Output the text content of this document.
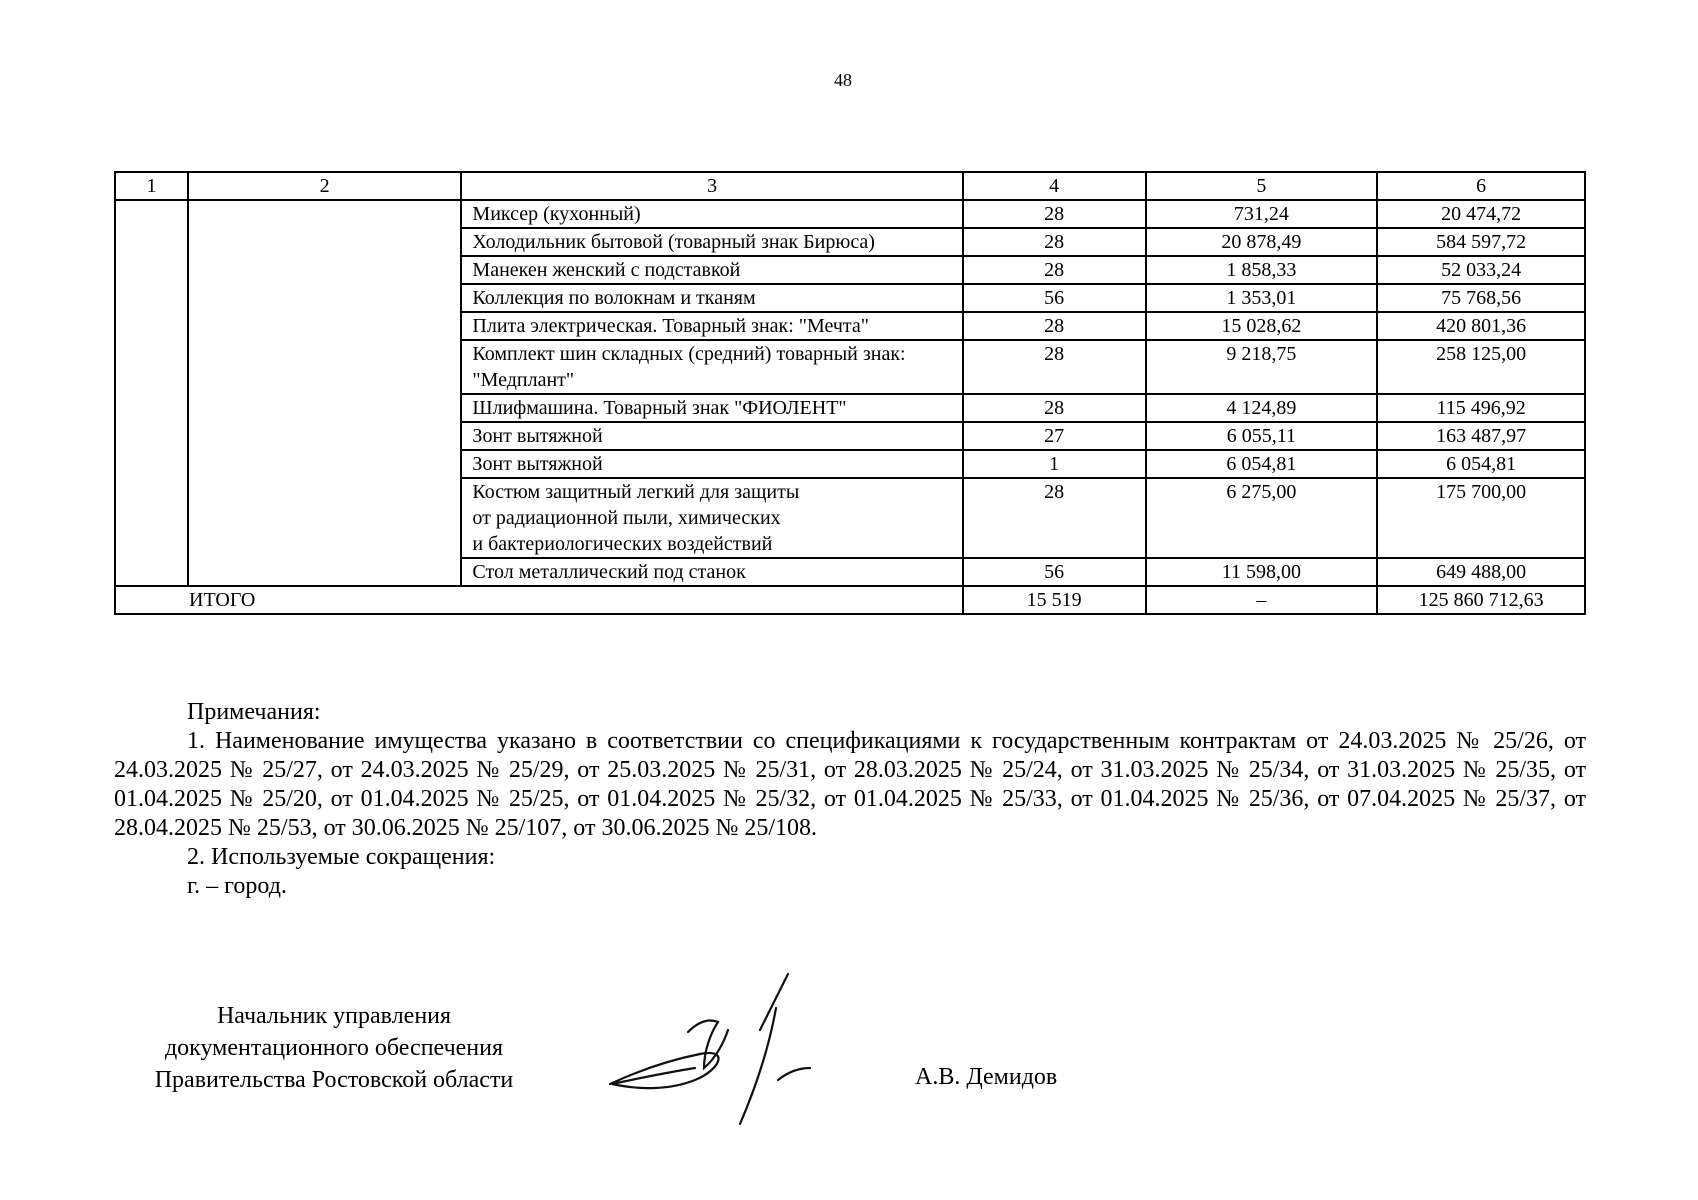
48
1	2	3	4	5	6
		Миксер (кухонный)	28	731,24	20 474,72
		Холодильник бытовой (товарный знак Бирюса)	28	20 878,49	584 597,72
		Манекен женский с подставкой	28	1 858,33	52 033,24
		Коллекция по волокнам и тканям	56	1 353,01	75 768,56
		Плита электрическая. Товарный знак: "Мечта"	28	15 028,62	420 801,36
		Комплект шин складных (средний) товарный знак: "Медплант"	28	9 218,75	258 125,00
		Шлифмашина. Товарный знак "ФИОЛЕНТ"	28	4 124,89	115 496,92
		Зонт вытяжной	27	6 055,11	163 487,97
		Зонт вытяжной	1	6 054,81	6 054,81
		Костюм защитный легкий для защиты
от радиационной пыли, химических
и бактериологических воздействий	28	6 275,00	175 700,00
		Стол металлический под станок	56	11 598,00	649 488,00
ИТОГО			15 519	–	125 860 712,63

Примечания:

1. Наименование имущества указано в соответствии со спецификациями к государственным контрактам от 24.03.2025 № 25/26, от 24.03.2025 № 25/27, от 24.03.2025 № 25/29, от 25.03.2025 № 25/31, от 28.03.2025 № 25/24, от 31.03.2025 № 25/34, от 31.03.2025 № 25/35, от 01.04.2025 № 25/20, от 01.04.2025 № 25/25, от 01.04.2025 № 25/32, от 01.04.2025 № 25/33, от 01.04.2025 № 25/36, от 07.04.2025 № 25/37, от 28.04.2025 № 25/53, от 30.06.2025 № 25/107, от 30.06.2025 № 25/108.

2. Используемые сокращения:

г. – город.

Начальник управления
документационного обеспечения
Правительства Ростовской области	А.В. Демидов
